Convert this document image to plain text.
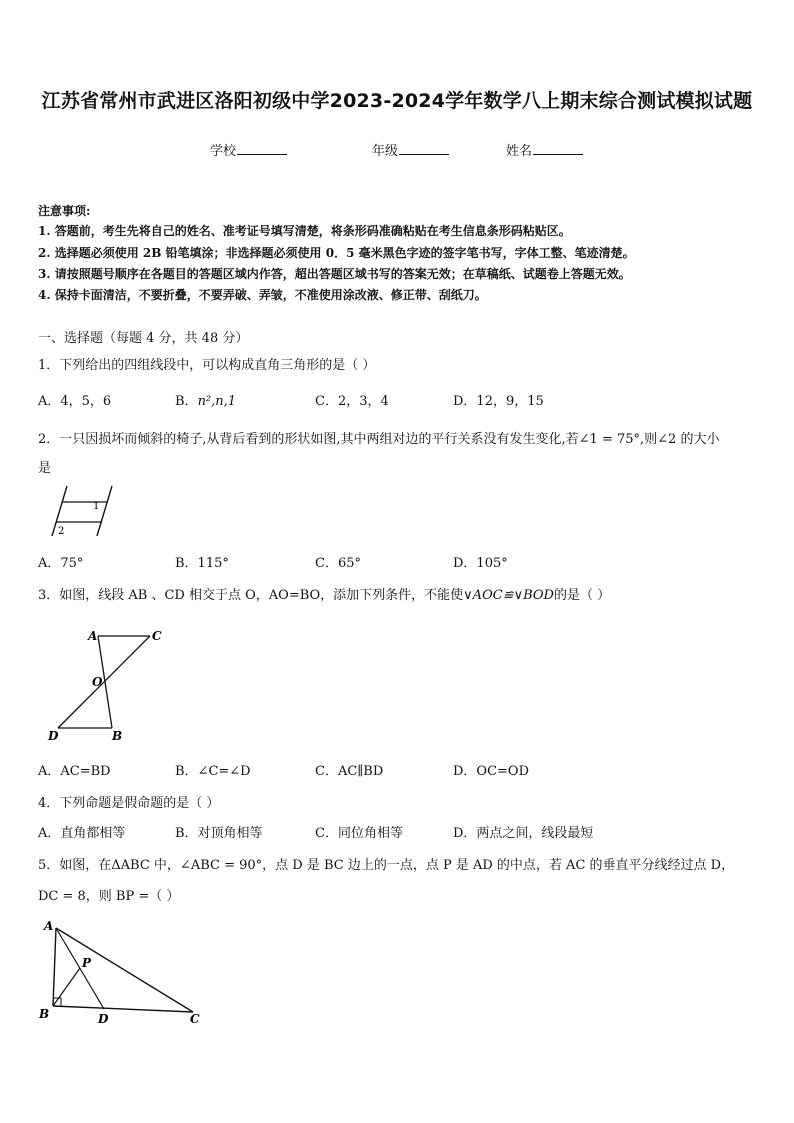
江苏省常州市武进区洛阳初级中学2023-2024学年数学八上期末综合测试模拟试题
学校	年级	姓名
注意事项:
1. 答题前，考生先将自己的姓名、准考证号填写清楚，将条形码准确粘贴在考生信息条形码粘贴区。
2. 选择题必须使用 2B 铅笔填涂；非选择题必须使用 0．5 毫米黑色字迹的签字笔书写，字体工整、笔迹清楚。
3. 请按照题号顺序在各题目的答题区域内作答，超出答题区域书写的答案无效；在草稿纸、试题卷上答题无效。
4. 保持卡面清洁，不要折叠，不要弄破、弄皱，不准使用涂改液、修正带、刮纸刀。
一、选择题（每题 4 分，共 48 分）
1．下列给出的四组线段中，可以构成直角三角形的是（ ）
A．4，5，6	B．n²,n,1	C．2，3，4	D．12，9，15
2．一只因损坏而倾斜的椅子,从背后看到的形状如图,其中两组对边的平行关系没有发生变化,若∠1 = 75°,则∠2 的大小
是
1
2
A．75°	B．115°	C．65°	D．105°
3．如图，线段 AB 、CD 相交于点 O，AO=BO，添加下列条件，不能使∨AOC≌∨BOD的是（ ）
A	C
O
D	B
A．AC=BD	B．∠C=∠D	C．AC∥BD	D．OC=OD
4．下列命题是假命题的是（ ）
A．直角都相等	B．对顶角相等	C．同位角相等	D．两点之间，线段最短
5．如图，在ΔABC 中，∠ABC = 90°，点 D 是 BC 边上的一点，点 P 是 AD 的中点，若 AC 的垂直平分线经过点 D，
DC = 8，则 BP =（ ）
A
P
B	D	C
